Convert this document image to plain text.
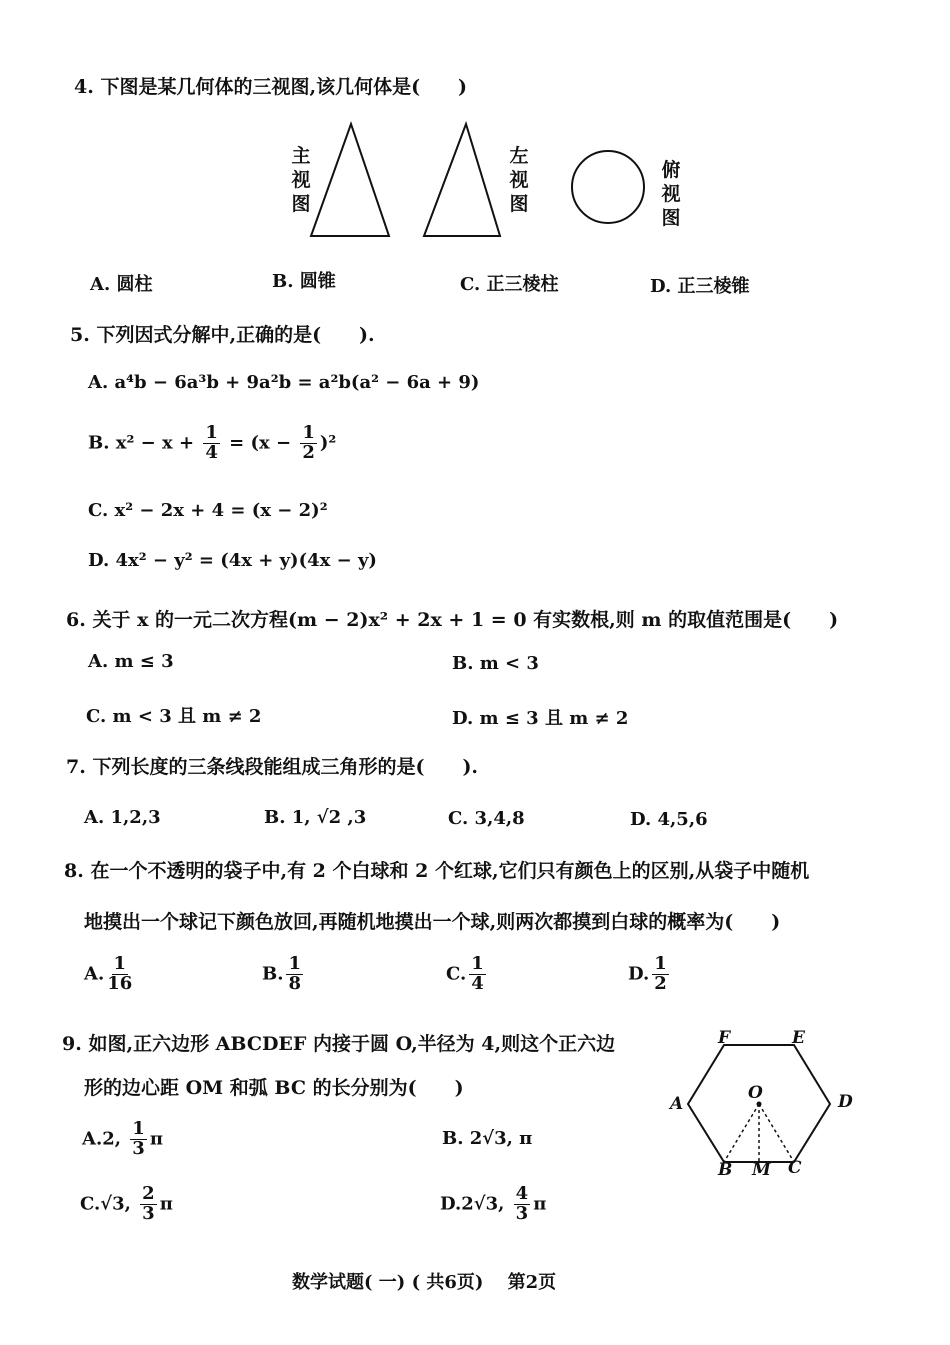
4. 下图是某几何体的三视图,该几何体是(　　)
主
视
图
左
视
图
俯
视
图
A. 圆柱	B. 圆锥	C. 正三棱柱	D. 正三棱锥
5. 下列因式分解中,正确的是(　　).
A. a⁴b − 6a³b + 9a²b = a²b(a² − 6a + 9)
B. $x^2 - x + \frac{1}{4} = (x - \frac{1}{2} )^2$
C. x² − 2x + 4 = (x − 2)²
D. 4x² − y² = (4x + y)(4x − y)
6. 关于 x 的一元二次方程(m − 2)x² + 2x + 1 = 0 有实数根,则 m 的取值范围是(　　)
A. m ≤ 3	B. m < 3
C. m < 3 且 m ≠ 2	D. m ≤ 3 且 m ≠ 2
7. 下列长度的三条线段能组成三角形的是(　　).
A. 1,2,3	B. 1, √2 ,3	C. 3,4,8	D. 4,5,6
8. 在一个不透明的袋子中,有 2 个白球和 2 个红球,它们只有颜色上的区别,从袋子中随机
地摸出一个球记下颜色放回,再随机地摸出一个球,则两次都摸到白球的概率为(　　)
A. $\frac{1}{16}$	B. $\frac{1}{8}$	C. $\frac{1}{4}$	D. $\frac{1}{2}$
9. 如图,正六边形 ABCDEF 内接于圆 O,半径为 4,则这个正六边
形的边心距 OM 和弧 BC 的长分别为(　　)
A.2, $\frac{1}{3}$ π	B. 2√3, π
C.√3, $\frac{2}{3}$ π	D.2√3, $\frac{4}{3}$ π
F	E
A	D
O
B M C
数学试题( 一) ( 共6页)　 第2页
